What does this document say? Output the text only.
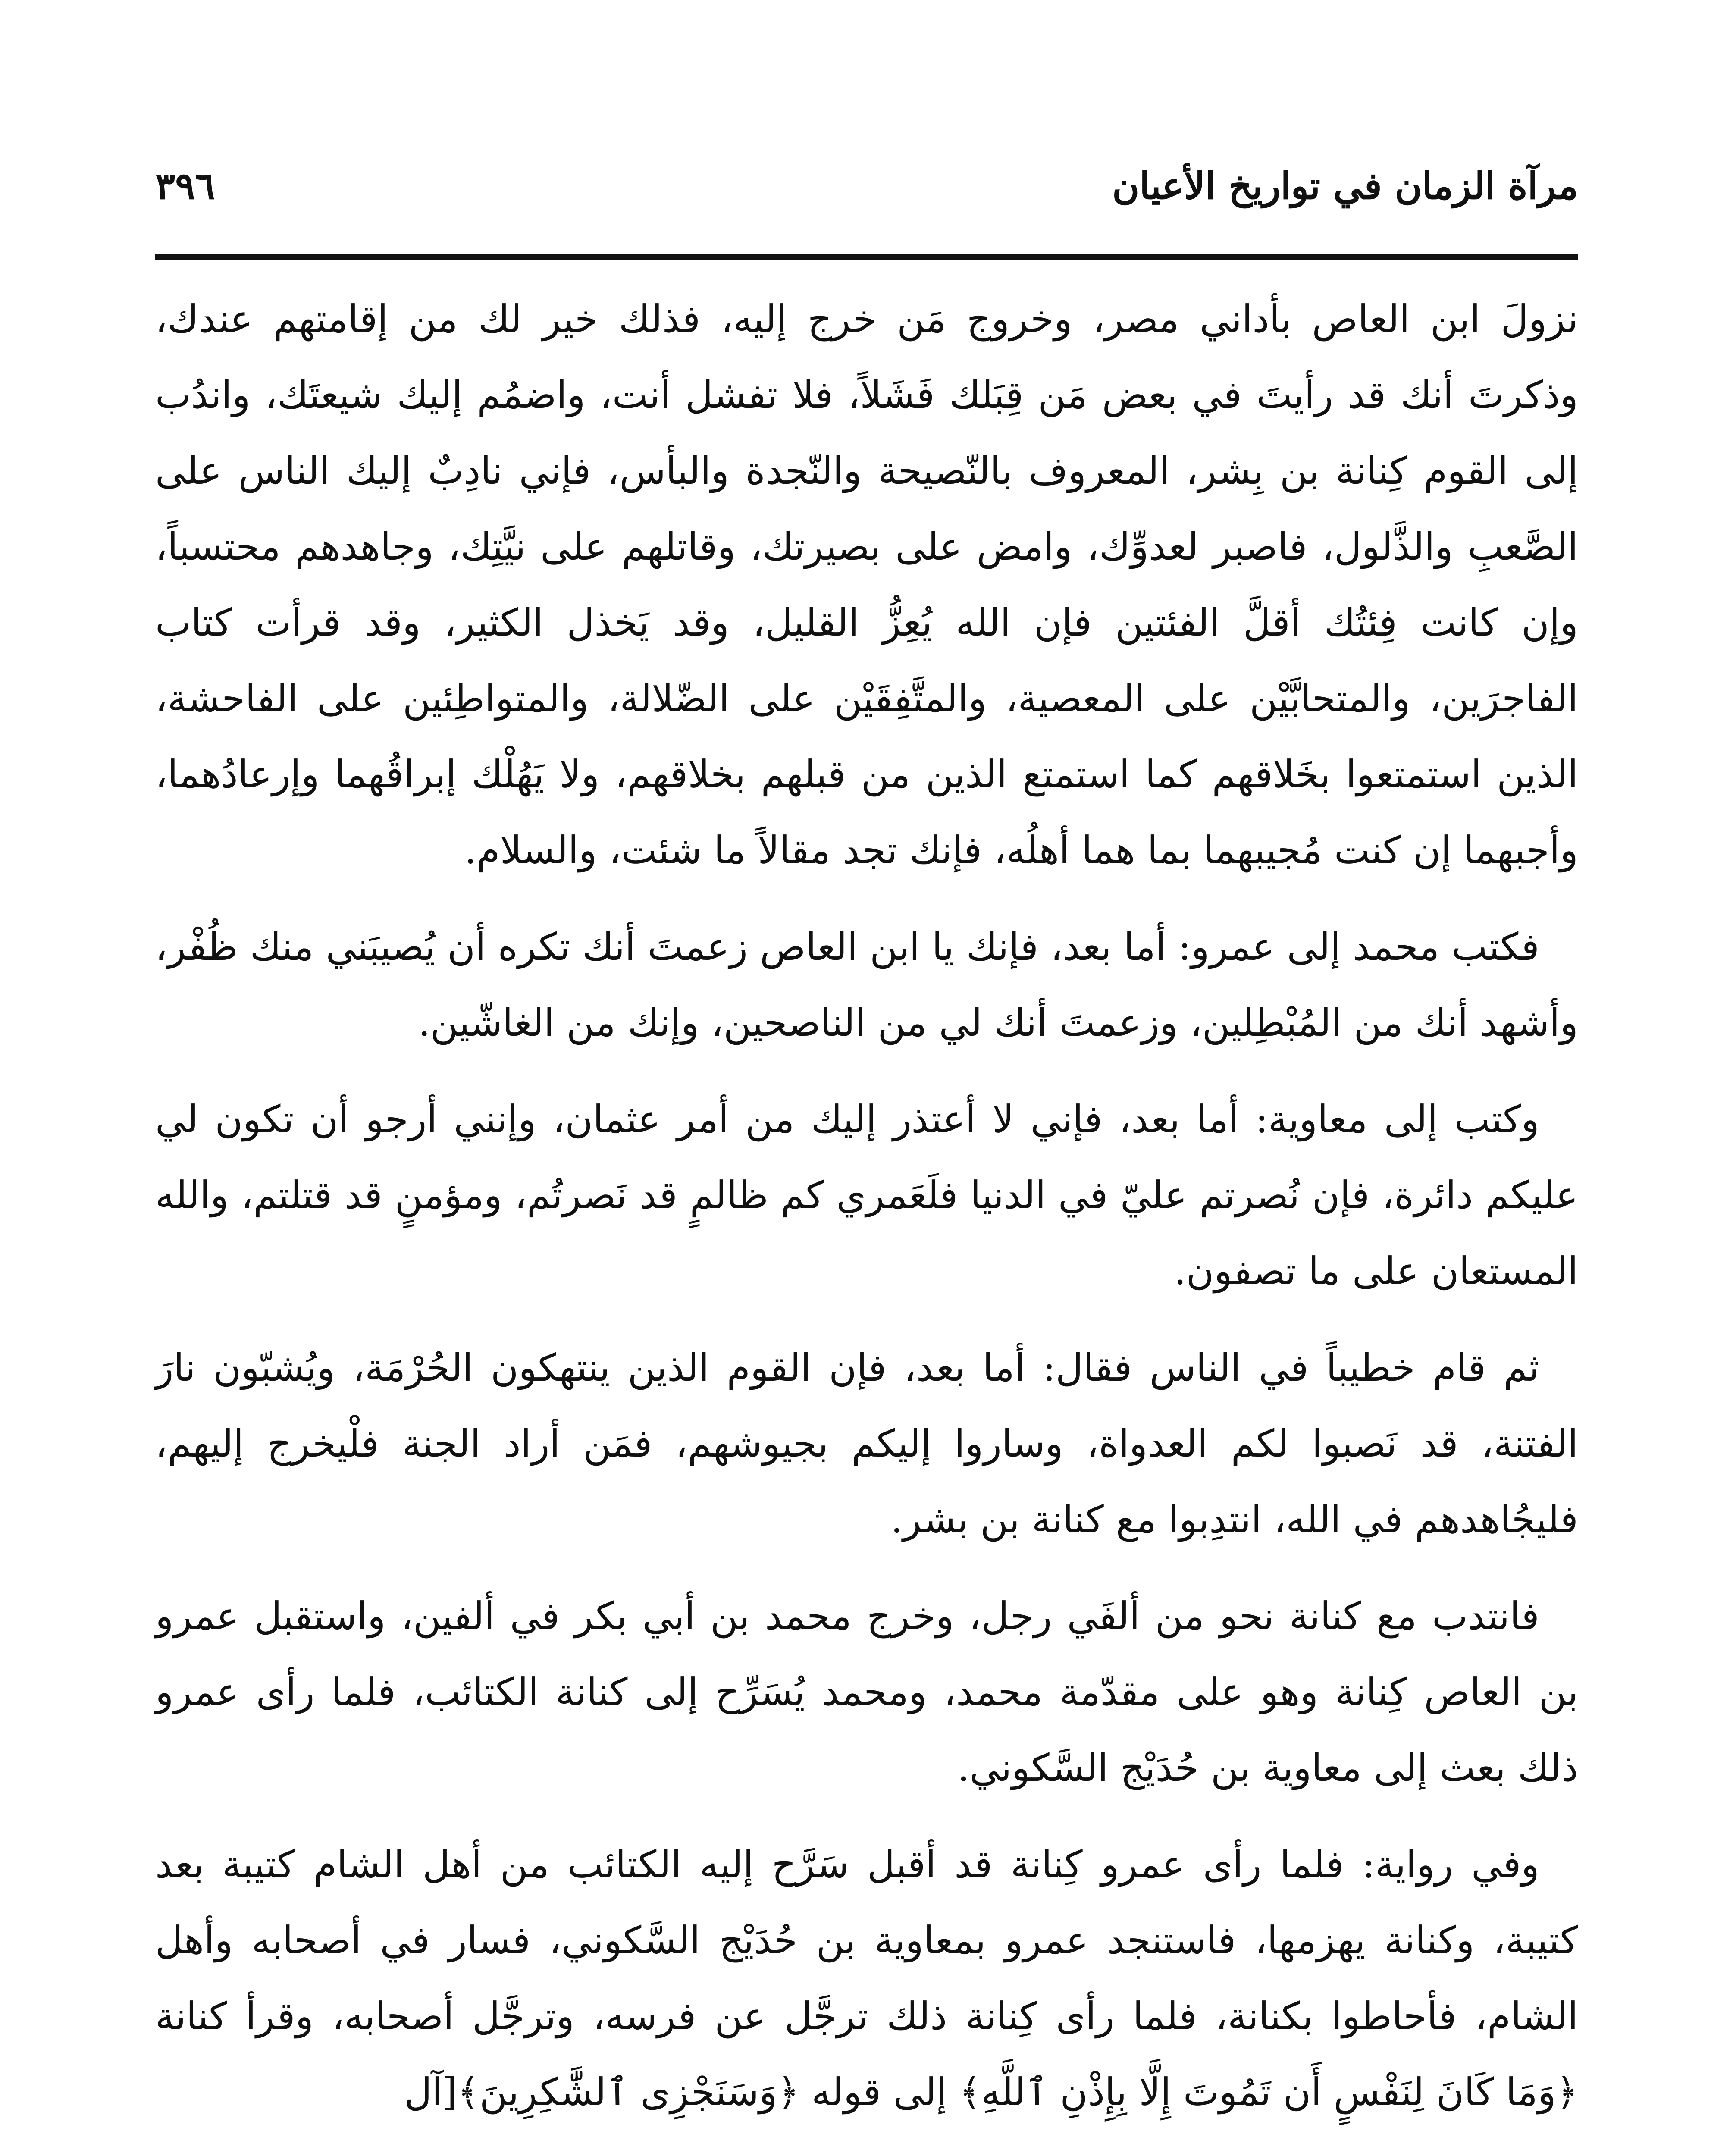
مرآة الزمان في تواريخ الأعيان
٣٩٦

نزولَ ابن العاص بأداني مصر، وخروج مَن خرج إليه، فذلك خير لك من إقامتهم عندك، وذكرتَ أنك قد رأيتَ في بعض مَن قِبَلك فَشَلاً، فلا تفشل أنت، واضمُم إليك شيعتَك، واندُب إلى القوم كِنانة بن بِشر، المعروف بالنّصيحة والنّجدة والبأس، فإني نادِبٌ إليك الناس على الصَّعبِ والذَّلول، فاصبر لعدوِّك، وامض على بصيرتك، وقاتلهم على نيَّتِك، وجاهدهم محتسباً، وإن كانت فِئتُك أقلَّ الفئتين فإن الله يُعِزُّ القليل، وقد يَخذل الكثير، وقد قرأت كتاب الفاجرَين، والمتحابَّيْن على المعصية، والمتَّفِقَيْن على الضّلالة، والمتواطِئين على الفاحشة، الذين استمتعوا بخَلاقهم كما استمتع الذين من قبلهم بخلاقهم، ولا يَهُلْك إبراقُهما وإرعادُهما، وأجبهما إن كنت مُجيبهما بما هما أهلُه، فإنك تجد مقالاً ما شئت، والسلام.

فكتب محمد إلى عمرو: أما بعد، فإنك يا ابن العاص زعمتَ أنك تكره أن يُصيبَني منك ظُفْر، وأشهد أنك من المُبْطِلين، وزعمتَ أنك لي من الناصحين، وإنك من الغاشّين.

وكتب إلى معاوية: أما بعد، فإني لا أعتذر إليك من أمر عثمان، وإنني أرجو أن تكون لي عليكم دائرة، فإن نُصرتم عليّ في الدنيا فلَعَمري كم ظالمٍ قد نَصرتُم، ومؤمنٍ قد قتلتم، والله المستعان على ما تصفون.

ثم قام خطيباً في الناس فقال: أما بعد، فإن القوم الذين ينتهكون الحُرْمَة، ويُشبّون نارَ الفتنة، قد نَصبوا لكم العدواة، وساروا إليكم بجيوشهم، فمَن أراد الجنة فلْيخرج إليهم، فليجُاهدهم في الله، انتدِبوا مع كنانة بن بشر.

فانتدب مع كنانة نحو من ألفَي رجل، وخرج محمد بن أبي بكر في ألفين، واستقبل عمرو بن العاص كِنانة وهو على مقدّمة محمد، ومحمد يُسَرِّح إلى كنانة الكتائب، فلما رأى عمرو ذلك بعث إلى معاوية بن حُدَيْج السَّكوني.

وفي رواية: فلما رأى عمرو كِنانة قد أقبل سَرَّح إليه الكتائب من أهل الشام كتيبة بعد كتيبة، وكنانة يهزمها، فاستنجد عمرو بمعاوية بن حُدَيْج السَّكوني، فسار في أصحابه وأهل الشام، فأحاطوا بكنانة، فلما رأى كِنانة ذلك ترجَّل عن فرسه، وترجَّل أصحابه، وقرأ كنانة ﴿وَمَا كَانَ لِنَفْسٍ أَن تَمُوتَ إِلَّا بِإِذْنِ ٱللَّهِ﴾ إلى قوله ﴿وَسَنَجْزِى ٱلشَّٰكِرِينَ﴾[آل
